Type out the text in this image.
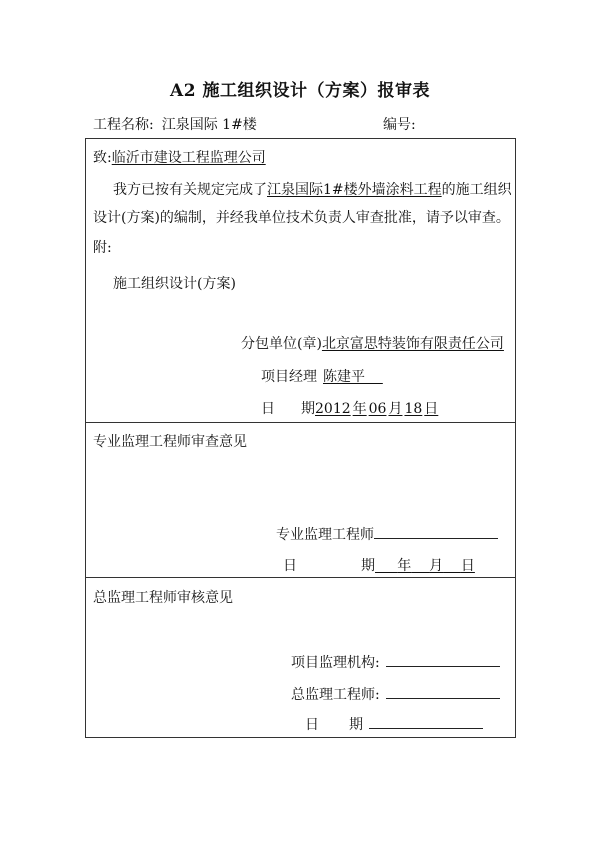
A2 施工组织设计（方案）报审表
工程名称: 江泉国际 1#楼	编号:
致:临沂市建设工程监理公司
我方已按有关规定完成了江泉国际1#楼外墙涂料工程的施工组织
设计(方案)的编制，并经我单位技术负责人审查批准，请予以审查。
附:
施工组织设计(方案)
分包单位(章)北京富思特装饰有限责任公司
项目经理 陈建平
日 期2012 年 06 月 18 日
专业监理工程师审查意见
专业监理工程师
日	期 年 月 日
总监理工程师审核意见
项目监理机构:
总监理工程师:
日 期
